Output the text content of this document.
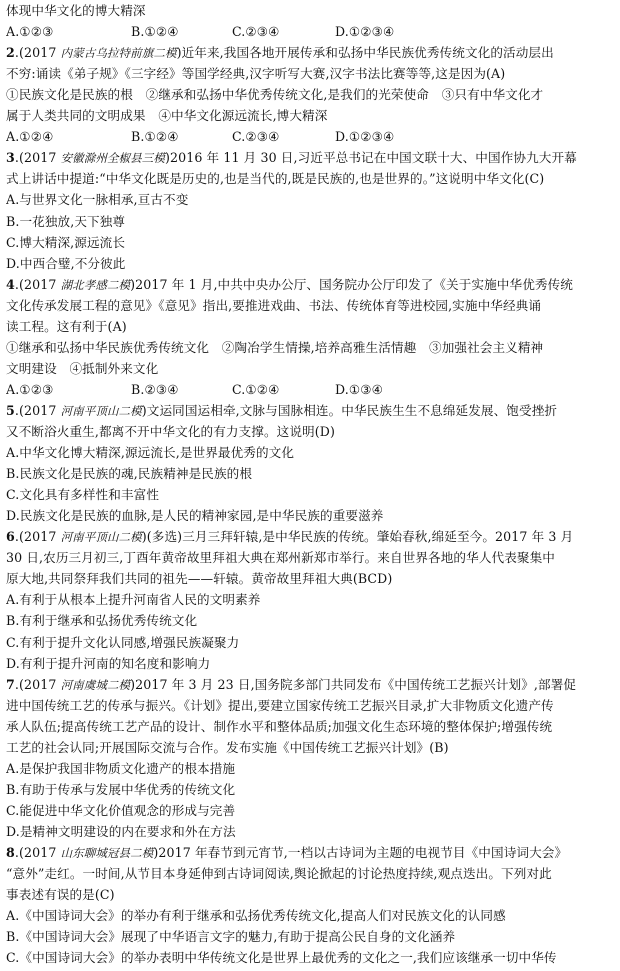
体现中华文化的博大精深
A.①②③	B.①②④	C.②③④	D.①②③④
2.(2017 内蒙古乌拉特前旗二模)近年来,我国各地开展传承和弘扬中华民族优秀传统文化的活动层出
不穷:诵读《弟子规》《三字经》等国学经典,汉字听写大赛,汉字书法比赛等等,这是因为(A)
①民族文化是民族的根　②继承和弘扬中华优秀传统文化,是我们的光荣使命　③只有中华文化才
属于人类共同的文明成果　④中华文化源远流长,博大精深
A.①②④	B.①②④	C.②③④	D.①②③④
3.(2017 安徽滁州全椒县三模)2016 年 11 月 30 日,习近平总书记在中国文联十大、中国作协九大开幕
式上讲话中提道:“中华文化既是历史的,也是当代的,既是民族的,也是世界的。”这说明中华文化(C)
A.与世界文化一脉相承,亘古不变
B.一花独放,天下独尊
C.博大精深,源远流长
D.中西合璧,不分彼此
4.(2017 湖北孝感二模)2017 年 1 月,中共中央办公厅、国务院办公厅印发了《关于实施中华优秀传统
文化传承发展工程的意见》《意见》指出,要推进戏曲、书法、传统体育等进校园,实施中华经典诵
读工程。这有利于(A)
①继承和弘扬中华民族优秀传统文化　②陶冶学生情操,培养高雅生活情趣　③加强社会主义精神
文明建设　④抵制外来文化
A.①②③	B.②③④	C.①②④	D.①③④
5.(2017 河南平顶山二模)文运同国运相牵,文脉与国脉相连。中华民族生生不息绵延发展、饱受挫折
又不断浴火重生,都离不开中华文化的有力支撑。这说明(D)
A.中华文化博大精深,源远流长,是世界最优秀的文化
B.民族文化是民族的魂,民族精神是民族的根
C.文化具有多样性和丰富性
D.民族文化是民族的血脉,是人民的精神家园,是中华民族的重要滋养
6.(2017 河南平顶山二模)(多选)三月三拜轩辕,是中华民族的传统。肇始春秋,绵延至今。2017 年 3 月
30 日,农历三月初三,丁酉年黄帝故里拜祖大典在郑州新郑市举行。来自世界各地的华人代表聚集中
原大地,共同祭拜我们共同的祖先——轩辕。黄帝故里拜祖大典(BCD)
A.有利于从根本上提升河南省人民的文明素养
B.有利于继承和弘扬优秀传统文化
C.有利于提升文化认同感,增强民族凝聚力
D.有利于提升河南的知名度和影响力
7.(2017 河南虞城二模)2017 年 3 月 23 日,国务院多部门共同发布《中国传统工艺振兴计划》,部署促
进中国传统工艺的传承与振兴。《计划》提出,要建立国家传统工艺振兴目录,扩大非物质文化遗产传
承人队伍;提高传统工艺产品的设计、制作水平和整体品质;加强文化生态环境的整体保护;增强传统
工艺的社会认同;开展国际交流与合作。发布实施《中国传统工艺振兴计划》(B)
A.是保护我国非物质文化遗产的根本措施
B.有助于传承与发展中华优秀的传统文化
C.能促进中华文化价值观念的形成与完善
D.是精神文明建设的内在要求和外在方法
8.(2017 山东聊城冠县二模)2017 年春节到元宵节,一档以古诗词为主题的电视节目《中国诗词大会》
“意外”走红。一时间,从节目本身延伸到古诗词阅读,舆论掀起的讨论热度持续,观点迭出。下列对此
事表述有误的是(C)
A.《中国诗词大会》的举办有利于继承和弘扬优秀传统文化,提高人们对民族文化的认同感
B.《中国诗词大会》展现了中华语言文字的魅力,有助于提高公民自身的文化涵养
C.《中国诗词大会》的举办表明中华传统文化是世界上最优秀的文化之一,我们应该继承一切中华传
